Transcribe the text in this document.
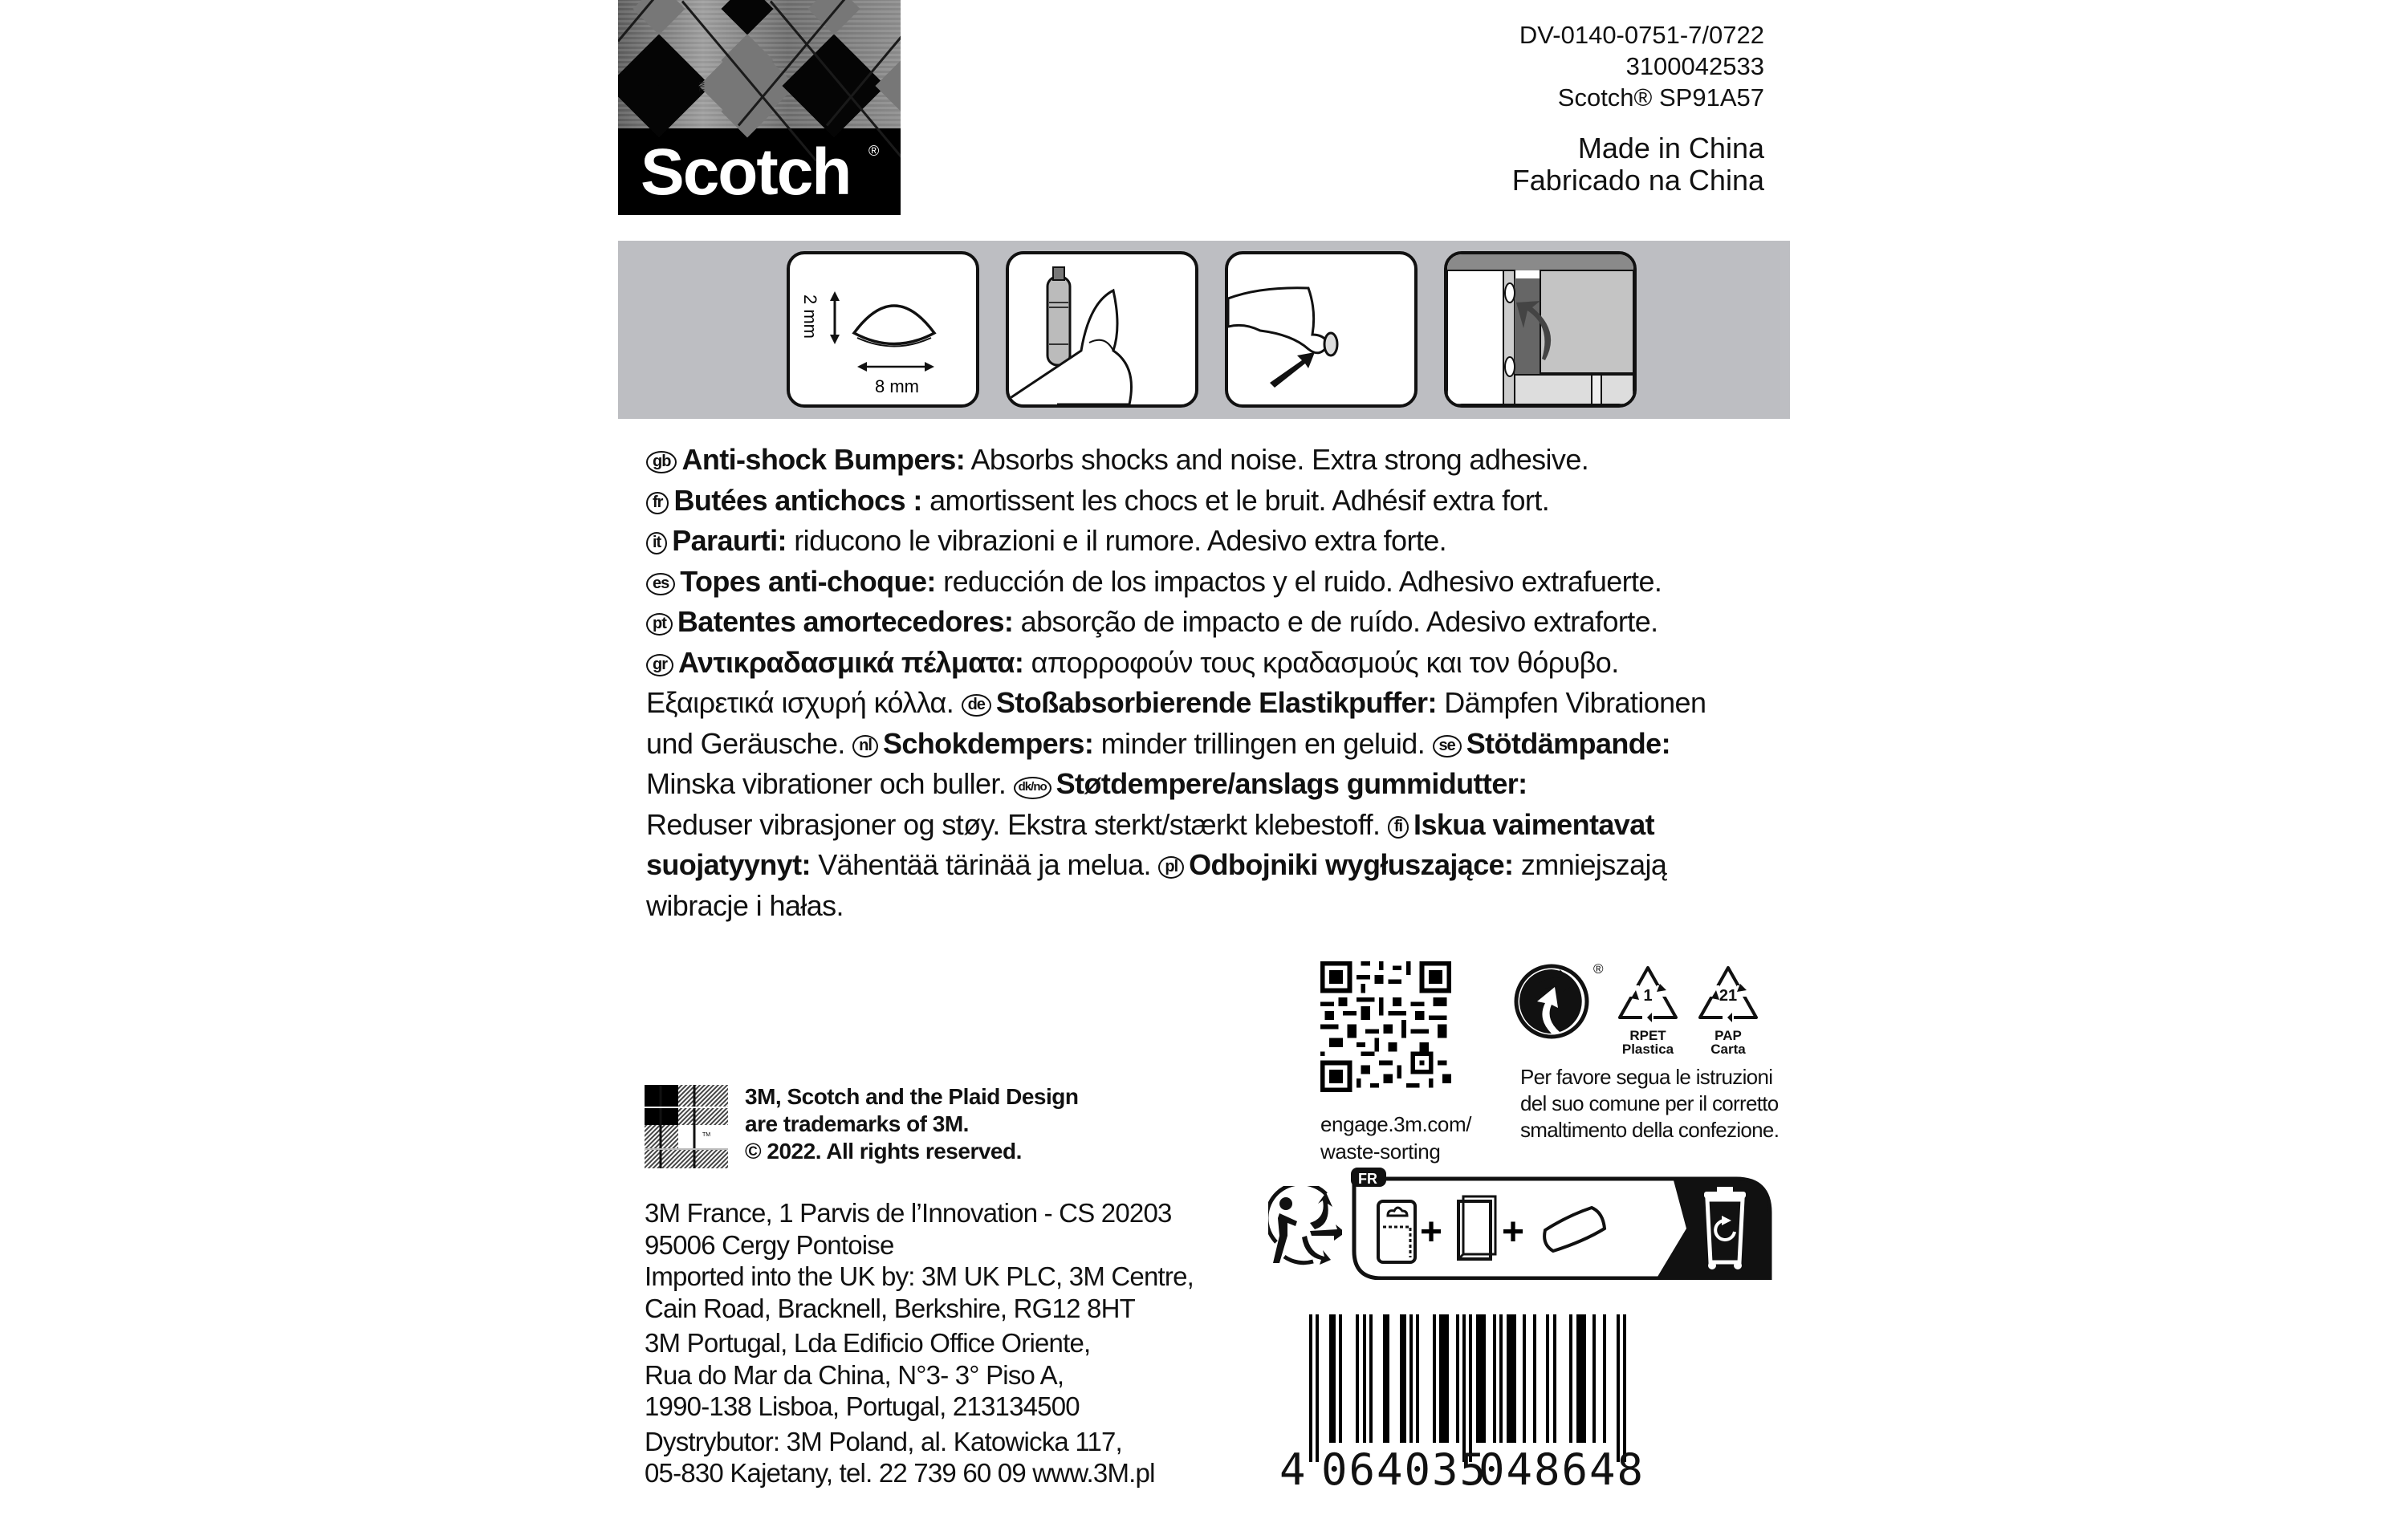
TM
Scotch ®
DV-0140-0751-7/0722
3100042533
Scotch® SP91A57
Made in China
Fabricado na China
2 mm
8 mm

gb Anti-shock Bumpers: Absorbs shocks and noise. Extra strong adhesive.

fr Butées antichocs : amortissent les chocs et le bruit. Adhésif extra fort.

it Paraurti: riducono le vibrazioni e il rumore. Adesivo extra forte.

es Topes anti-choque: reducción de los impactos y el ruido. Adhesivo extrafuerte.

pt Batentes amortecedores: absorção de impacto e de ruído. Adesivo extraforte.

gr Αντικραδασμικά πέλματα: απορροφούν τους κραδασμούς και τον θόρυβο.

Εξαιρετικά ισχυρή κόλλα. de Stoßabsorbierende Elastikpuffer: Dämpfen Vibrationen

und Geräusche. nl Schokdempers: minder trillingen en geluid. se Stötdämpande:

Minska vibrationer och buller. dk/no Støtdempere/anslags gummidutter:

Reduser vibrasjoner og støy. Ekstra sterkt/stærkt klebestoff. fi Iskua vaimentavat

suojatyynyt: Vähentää tärinää ja melua. pl Odbojniki wygłuszające: zmniejszają

wibracje i hałas.

TM
3M, Scotch and the Plaid Design
are trademarks of 3M.
© 2022. All rights reserved.
3M France, 1 Parvis de l’Innovation - CS 20203
95006 Cergy Pontoise
Imported into the UK by: 3M UK PLC, 3M Centre,
Cain Road, Bracknell, Berkshire, RG12 8HT
3M Portugal, Lda Edificio Office Oriente,
Rua do Mar da China, N°3- 3° Piso A,
1990-138 Lisboa, Portugal, 213134500
Dystrybutor: 3M Poland, al. Katowicka 117,
05-830 Kajetany, tel. 22 739 60 09 www.3M.pl
engage.3m.com/
waste-sorting
®
1
RPET
Plastica
21
PAP
Carta
Per favore segua le istruzioni
del suo comune per il corretto
smaltimento della confezione.
FR
+ +
4 064035
048648
